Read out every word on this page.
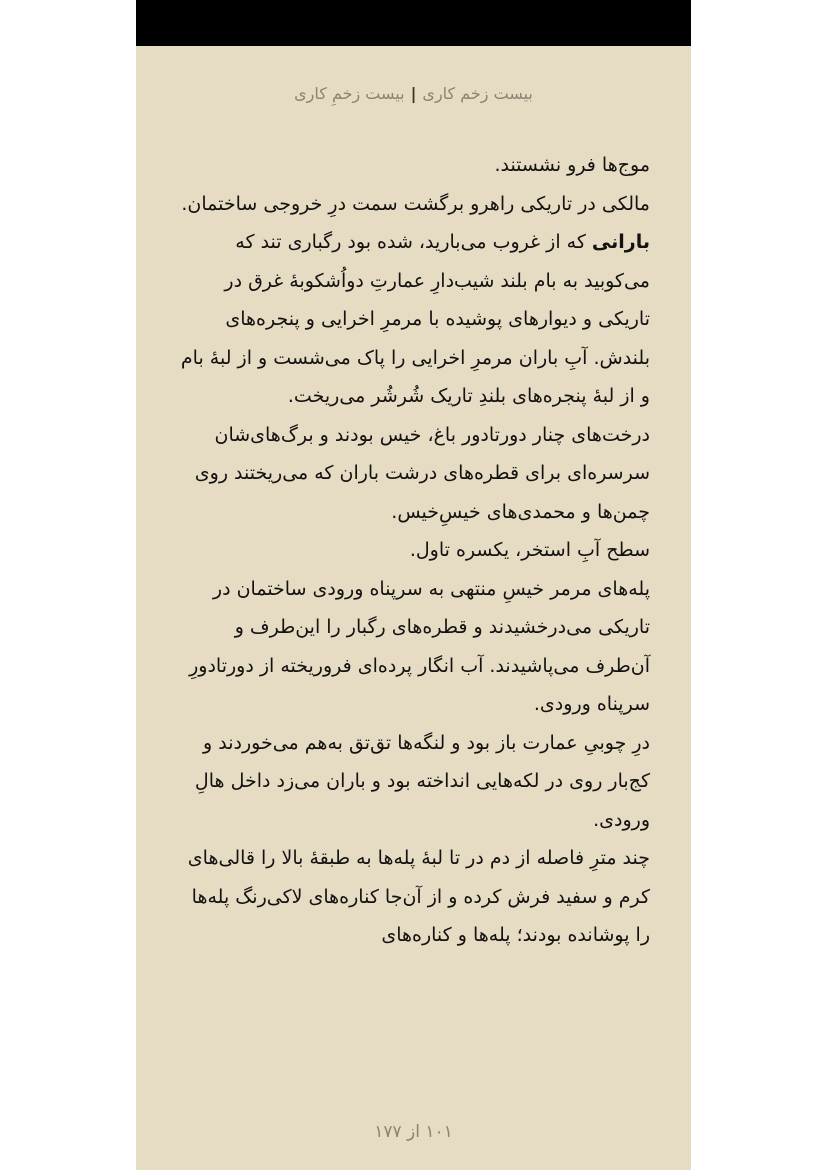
بیست زخم کاری|بیست زخمِ کاری

موج‌ها فرو نشستند.

مالکی در تاریکی راهرو برگشت سمت درِ خروجی ساختمان.

بارانی که از غروب می‌بارید، شده بود رگباری تند که می‌کوبید به بام بلند شیب‌دارِ عمارتِ دواُشکوبهٔ غرق در تاریکی و دیوارهای پوشیده با مرمرِ اخرایی و پنجره‌های بلندش. آبِ باران مرمرِ اخرایی را پاک می‌شست و از لبهٔ بام و از لبهٔ پنجره‌های بلندِ تاریک شُرشُر می‌ریخت.

درخت‌های چنار دورتادور باغ، خیس بودند و برگ‌های‌شان سرسره‌ای برای قطره‌های درشت باران که می‌ریختند روی چمن‌ها و محمدی‌های خیسِ‌خیس.

سطح آبِ استخر، یکسره تاول.

پله‌های مرمر خیسِ منتهی به سرپناه ورودی ساختمان در تاریکی می‌درخشیدند و قطره‌های رگبار را این‌طرف و آن‌طرف می‌پاشیدند. آب انگار پرده‌ای فروریخته از دورتادورِ سرپناه ورودی.

درِ چوبیِ عمارت باز بود و لنگه‌ها تق‌تق به‌هم می‌خوردند و کج‌بار روی در لکه‌هایی انداخته بود و باران می‌زد داخل هالِ ورودی.

چند مترِ فاصله از دم در تا لبهٔ پله‌ها به طبقهٔ بالا را قالی‌های کرم و سفید فرش کرده و از آن‌جا کناره‌های لاکی‌رنگ پله‌ها را پوشانده بودند؛ پله‌ها و کناره‌های

۱۰۱ از ۱۷۷
